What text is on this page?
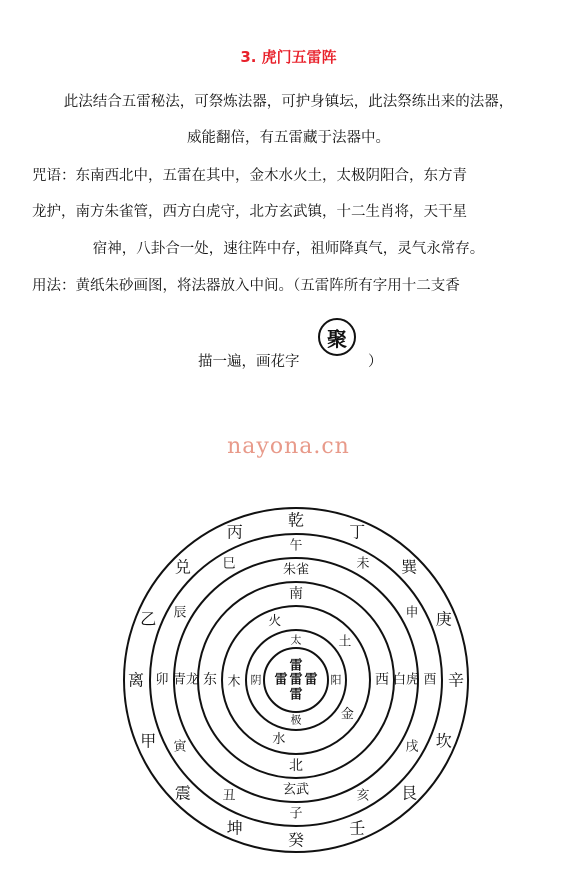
3. 虎门五雷阵
此法结合五雷秘法，可祭炼法器，可护身镇坛，此法祭练出来的法器，
威能翻倍，有五雷藏于法器中。
咒语：东南西北中，五雷在其中，金木水火土，太极阴阳合，东方青
龙护，南方朱雀管，西方白虎守，北方玄武镇，十二生肖将，天干星
宿神，八卦合一处，速往阵中存，祖师降真气，灵气永常存。
用法：黄纸朱砂画图，将法器放入中间。（五雷阵所有字用十二支香
描一遍，画花字
聚
）
nayona.cn
乾
丁
巽
庚
辛
坎
艮
壬
癸
坤
震
甲
离
乙
兑
丙
午
未
申
酉
戌
亥
子
丑
寅
卯
辰
巳	朱雀
白虎
玄武
青龙
南
西
北
东
火
土
金
水
木
太
阳
极
阴
雷
雷 雷 雷
雷
